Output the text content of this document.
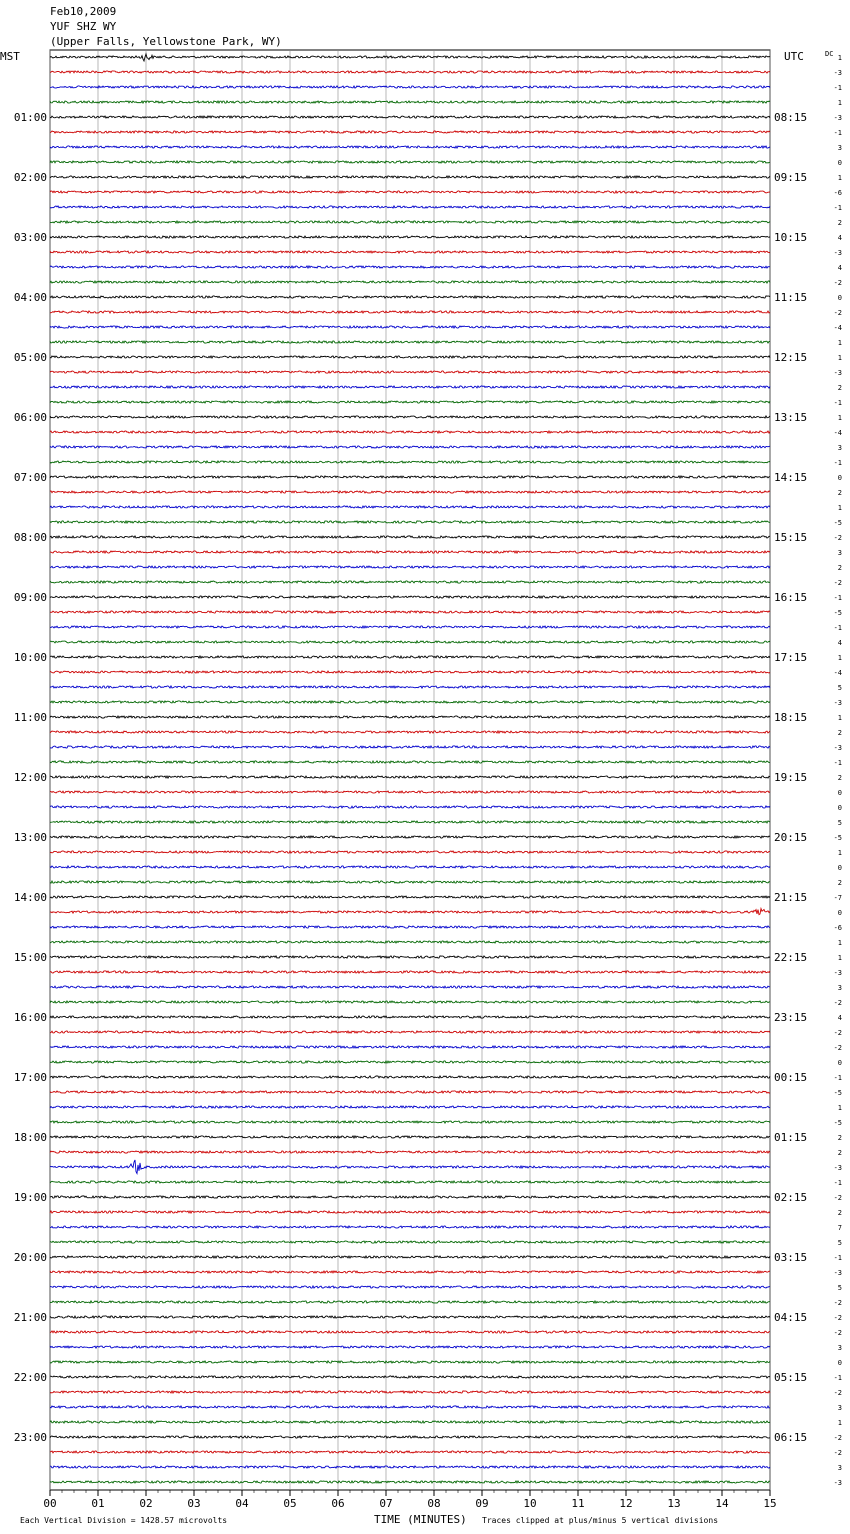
Feb10,2009
YUF SHZ WY
(Upper Falls, Yellowstone Park, WY)
00	01	02	03	04	05	06	07	08	09	10	11	12	13	14	15
1
-3
-1
1
-3
01:00	08:15
-1
3
0
1
02:00	09:15
-6
-1
2
4
03:00	10:15
-3
4
-2
0
04:00	11:15
-2
-4
1
1
05:00	12:15
-3
2
-1
1
06:00	13:15
-4
3
-1
0
07:00	14:15
2
1
-5
-2
08:00	15:15
3
2
-2
-1
09:00	16:15
-5
-1
4
1
10:00	17:15
-4
5
-3
1
11:00	18:15
2
-3
-1
2
12:00	19:15
0
0
5
-5
13:00	20:15
1
0
2
-7
14:00	21:15
0
-6
1
1
15:00	22:15
-3
3
-2
4
16:00	23:15
-2
-2
0
-1
17:00	00:15
-5
1
-5
2
18:00	01:15
2
-3
-1
-2
19:00	02:15
2
7
5
-1
20:00	03:15
-3
5
-2
-2
21:00	04:15
-2
3
0
-1
22:00	05:15
-2
3
1
-2
23:00	06:15
-2
3
-3
MST	UTC	DC
Each Vertical Division = 1428.57 microvolts	TIME (MINUTES) Traces clipped at plus/minus 5 vertical divisions
